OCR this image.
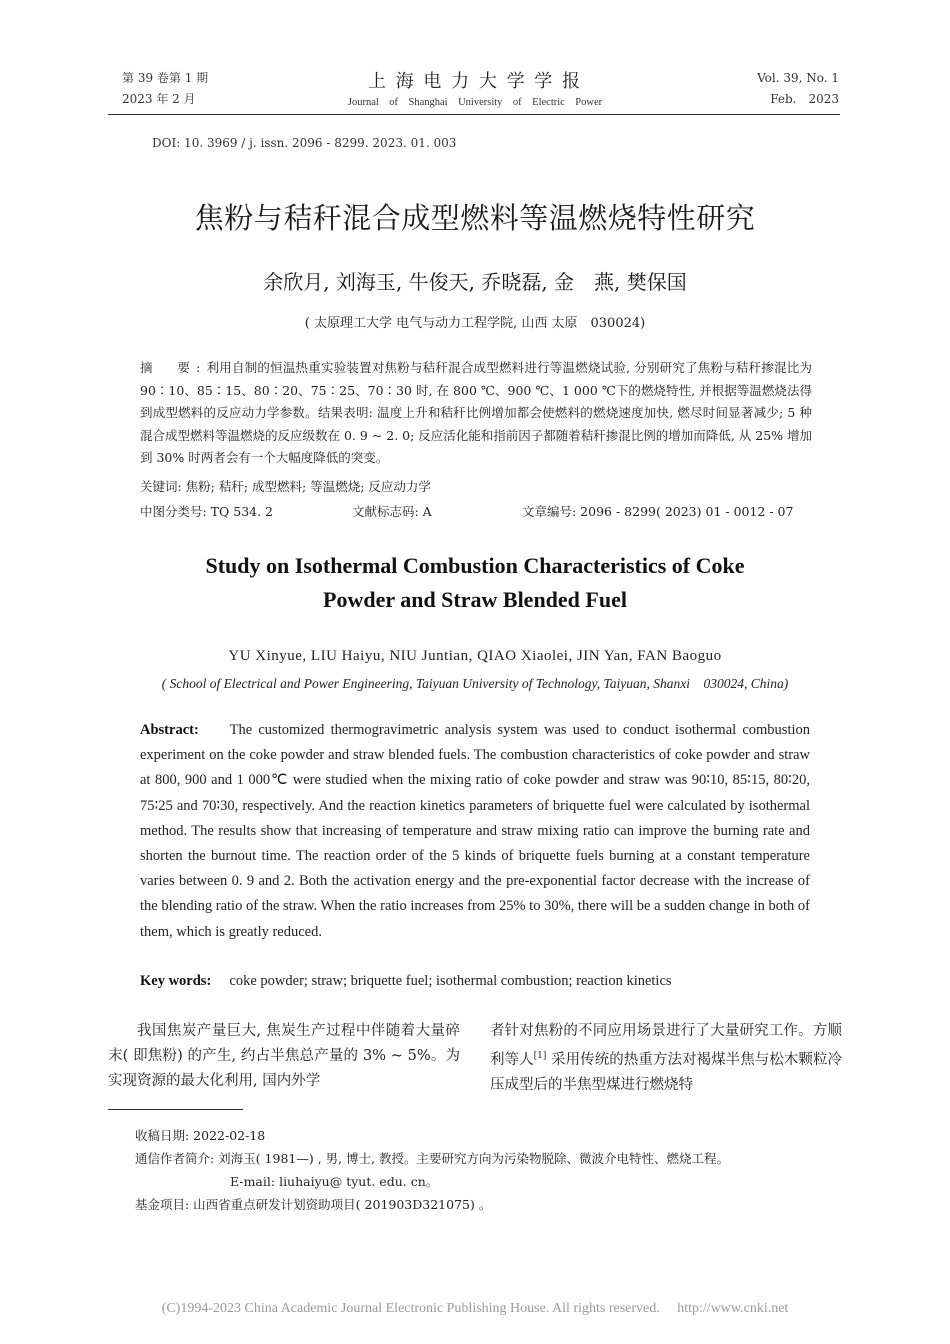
第 39 卷第 1 期
2023 年 2 月
上 海 电 力 大 学 学 报
Journal　of　Shanghai　University　of　Electric　Power
Vol. 39, No. 1
Feb.　2023
DOI: 10. 3969 / j. issn. 2096 - 8299. 2023. 01. 003
焦粉与秸秆混合成型燃料等温燃烧特性研究
余欣月, 刘海玉, 牛俊天, 乔晓磊, 金　燕, 樊保国
( 太原理工大学 电气与动力工程学院, 山西 太原　030024)
摘　要:利用自制的恒温热重实验装置对焦粉与秸秆混合成型燃料进行等温燃烧试验, 分别研究了焦粉与秸秆掺混比为 90∶10、85∶15、80∶20、75∶25、70∶30 时, 在 800 ℃、900 ℃、1 000 ℃下的燃烧特性, 并根据等温燃烧法得到成型燃料的反应动力学参数。结果表明: 温度上升和秸秆比例增加都会使燃料的燃烧速度加快, 燃尽时间显著减少; 5 种混合成型燃料等温燃烧的反应级数在 0. 9 ~ 2. 0; 反应活化能和指前因子都随着秸秆掺混比例的增加而降低, 从 25% 增加到 30% 时两者会有一个大幅度降低的突变。
关键词: 焦粉; 秸秆; 成型燃料; 等温燃烧; 反应动力学
中图分类号: TQ 534. 2	文献标志码: A	文章编号: 2096 - 8299( 2023) 01 - 0012 - 07
Study on Isothermal Combustion Characteristics of Coke
Powder and Straw Blended Fuel
YU Xinyue, LIU Haiyu, NIU Juntian, QIAO Xiaolei, JIN Yan, FAN Baoguo
( School of Electrical and Power Engineering, Taiyuan University of Technology, Taiyuan, Shanxi　030024, China)
Abstract: The customized thermogravimetric analysis system was used to conduct isothermal combustion experiment on the coke powder and straw blended fuels. The combustion characteristics of coke powder and straw at 800, 900 and 1 000℃ were studied when the mixing ratio of coke powder and straw was 90∶10, 85∶15, 80∶20, 75∶25 and 70∶30, respectively. And the reaction kinetics parameters of briquette fuel were calculated by isothermal method. The results show that increasing of temperature and straw mixing ratio can improve the burning rate and shorten the burnout time. The reaction order of the 5 kinds of briquette fuels burning at a constant temperature varies between 0. 9 and 2. Both the activation energy and the pre-exponential factor decrease with the increase of the blending ratio of the straw. When the ratio increases from 25% to 30%, there will be a sudden change in both of them, which is greatly reduced.
Key words: coke powder; straw; briquette fuel; isothermal combustion; reaction kinetics
我国焦炭产量巨大, 焦炭生产过程中伴随着大量碎末( 即焦粉) 的产生, 约占半焦总产量的 3% ~ 5%。为实现资源的最大化利用, 国内外学
者针对焦粉的不同应用场景进行了大量研究工作。方顺利等人[1] 采用传统的热重方法对褐煤半焦与松木颗粒冷压成型后的半焦型煤进行燃烧特
收稿日期: 2022-02-18
通信作者简介: 刘海玉( 1981—) , 男, 博士, 教授。主要研究方向为污染物脱除、微波介电特性、燃烧工程。
E-mail: liuhaiyu@ tyut. edu. cn。
基金项目: 山西省重点研发计划资助项目( 201903D321075) 。
(C)1994-2023 China Academic Journal Electronic Publishing House. All rights reserved.　 http://www.cnki.net
